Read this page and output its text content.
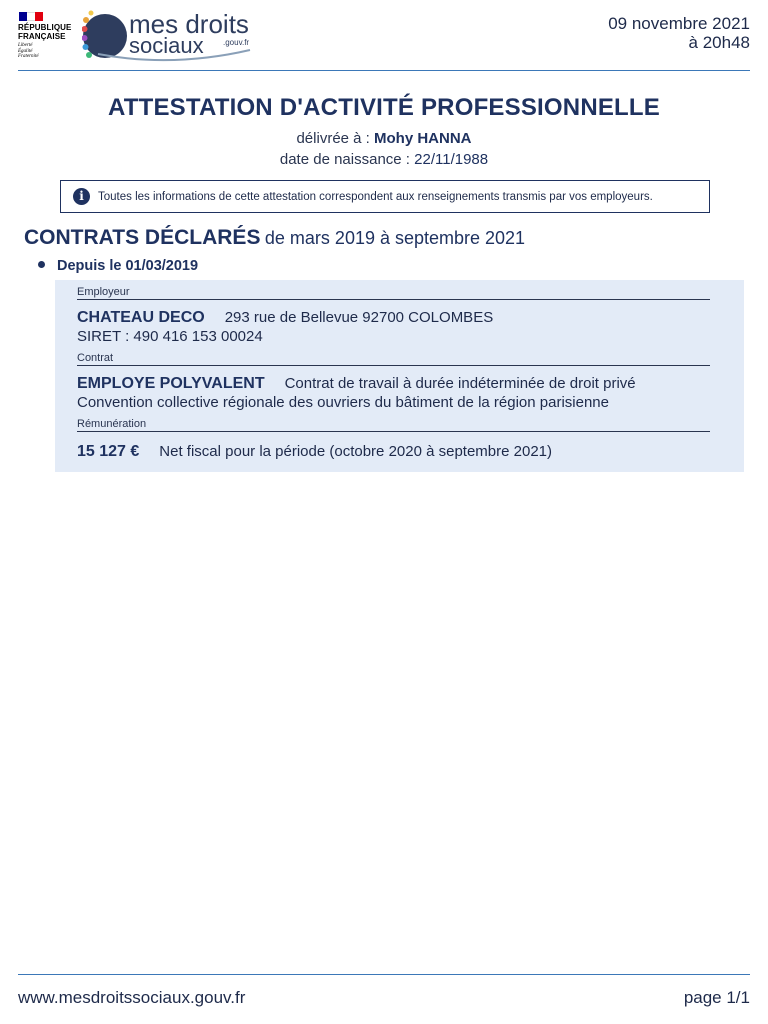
RÉPUBLIQUE
FRANÇAISE
Liberté
Égalité
Fraternité
mes droits
sociaux .gouv.fr
09 novembre 2021
à 20h48
ATTESTATION D'ACTIVITÉ PROFESSIONNELLE
délivrée à : Mohy HANNA
date de naissance : 22/11/1988
i	Toutes les informations de cette attestation correspondent aux renseignements transmis par vos employeurs.
CONTRATS DÉCLARÉS de mars 2019 à septembre 2021
Depuis le 01/03/2019
Employeur
CHATEAU DECO 293 rue de Bellevue 92700 COLOMBES
SIRET : 490 416 153 00024
Contrat
EMPLOYE POLYVALENT Contrat de travail à durée indéterminée de droit privé
Convention collective régionale des ouvriers du bâtiment de la région parisienne
Rémunération
15 127 € Net fiscal pour la période (octobre 2020 à septembre 2021)
www.mesdroitssociaux.gouv.fr	page 1/1
